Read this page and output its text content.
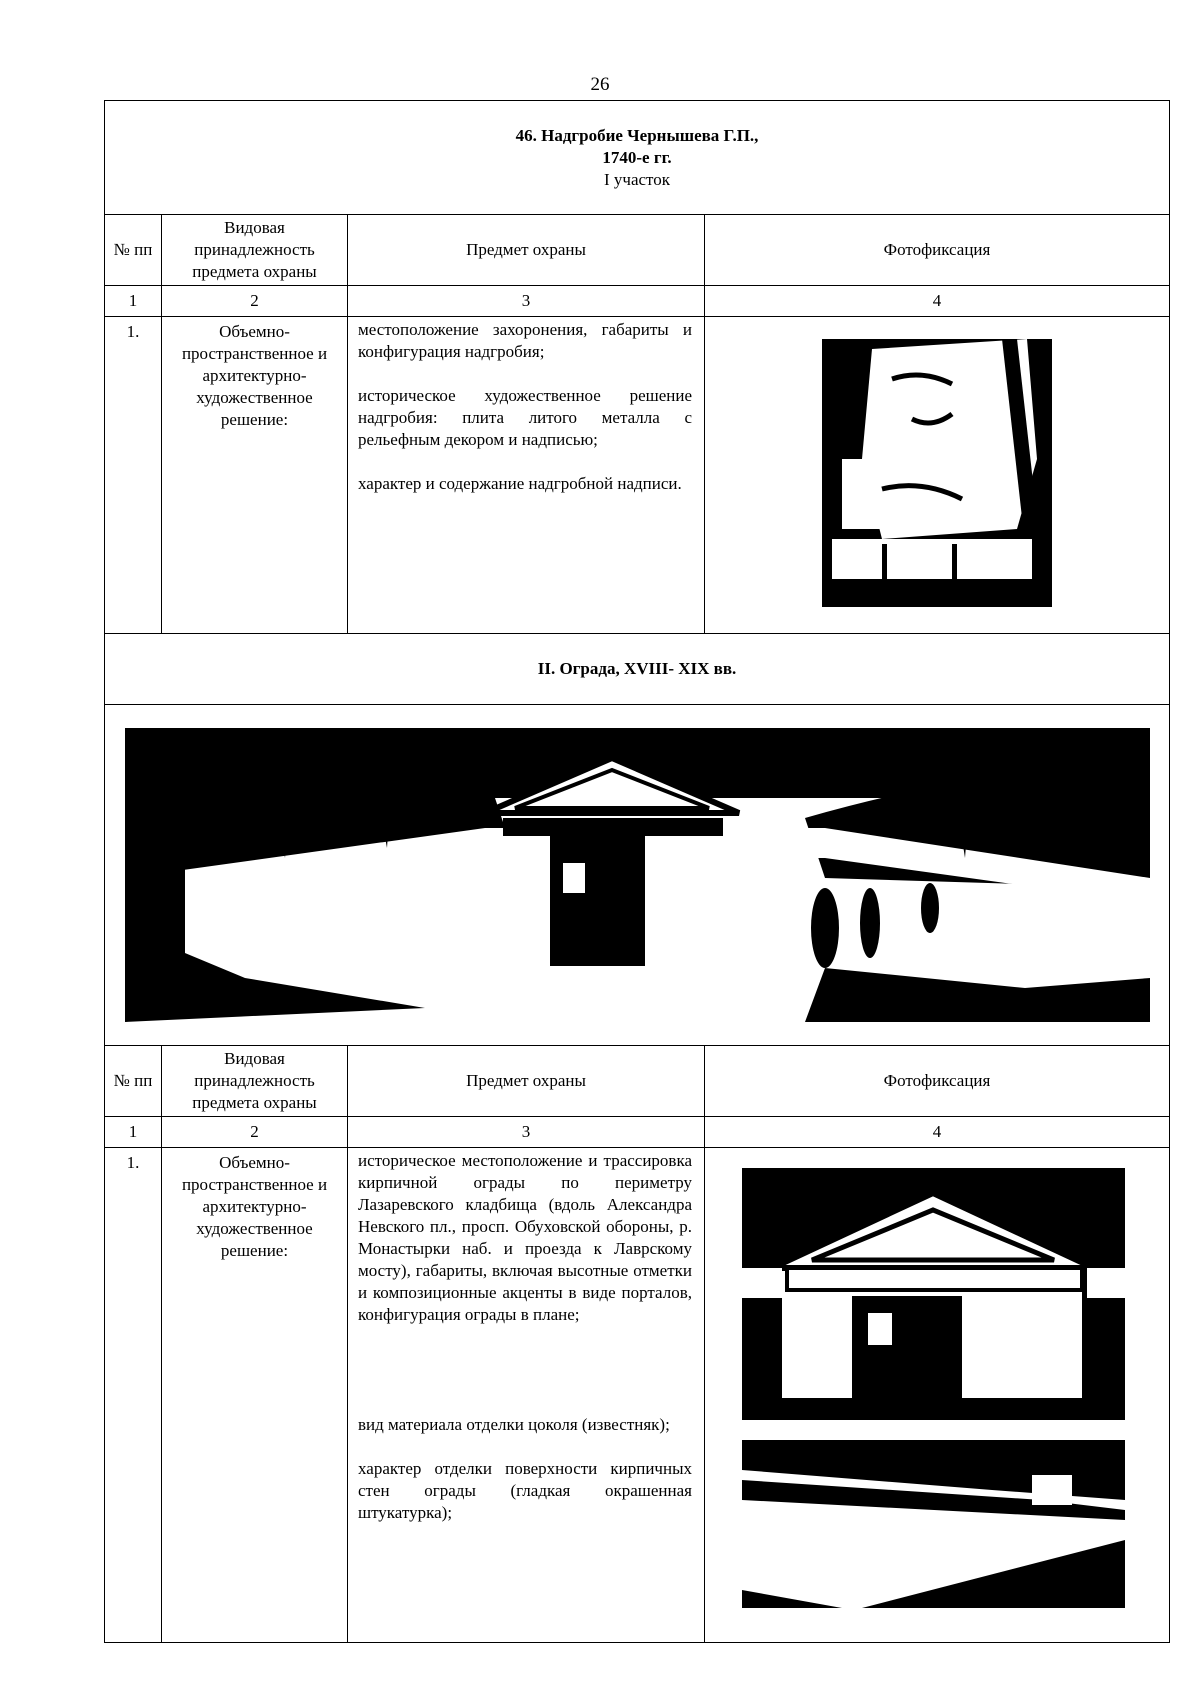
26
46. Надгробие Чернышева Г.П.,
1740-е гг.
I участок			

№ пп	Видовая принадлежность предмета охраны	Предмет охраны	Фотофиксация
1	2	3	4
1.	Объемно-пространственное и архитектурно-художественное решение:	местоположение захоронения, габариты и конфигурация надгробия;

историческое художественное решение надгробия: плита литого металла с рельефным декором и надписью;

характер и содержание надгробной надписи.

II. Ограда, XVIII- XIX вв.			

№ пп	Видовая принадлежность предмета охраны	Предмет охраны	Фотофиксация
1	2	3	4
1.	Объемно-пространственное и архитектурно-художественное решение:	историческое местоположение и трассировка кирпичной ограды по периметру Лазаревского кладбища (вдоль Александра Невского пл., просп. Обуховской обороны, р. Монастырки наб. и проезда к Лаврскому мосту), габариты, включая высотные отметки и композиционные акценты в виде порталов, конфигурация ограды в плане;

вид материала отделки цоколя (известняк);

характер отделки поверхности кирпичных стен ограды (гладкая окрашенная штукатурка);
